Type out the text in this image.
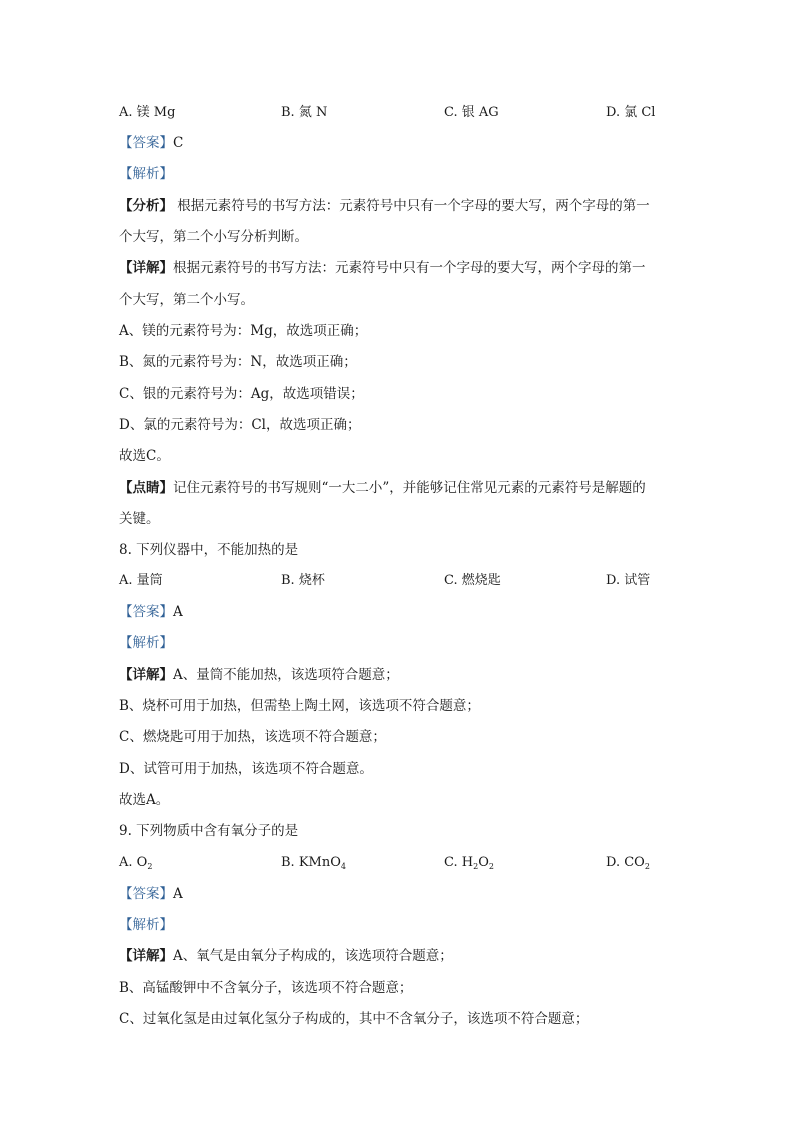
A. 镁 Mg	B. 氮 N	C. 银 AG	D. 氯 Cl
【答案】C
【解析】
【分析】 根据元素符号的书写方法：元素符号中只有一个字母的要大写，两个字母的第一
个大写，第二个小写分析判断。
【详解】根据元素符号的书写方法：元素符号中只有一个字母的要大写，两个字母的第一
个大写，第二个小写。
A、镁的元素符号为：Mg，故选项正确；
B、氮的元素符号为：N，故选项正确；
C、银的元素符号为：Ag，故选项错误；
D、氯的元素符号为：Cl，故选项正确；
故选C。
【点睛】记住元素符号的书写规则“一大二小”，并能够记住常见元素的元素符号是解题的
关键。
8. 下列仪器中，不能加热的是
A. 量筒	B. 烧杯	C. 燃烧匙	D. 试管
【答案】A
【解析】
【详解】A、量筒不能加热，该选项符合题意；
B、烧杯可用于加热，但需垫上陶土网，该选项不符合题意；
C、燃烧匙可用于加热，该选项不符合题意；
D、试管可用于加热，该选项不符合题意。
故选A。
9. 下列物质中含有氧分子的是
A. $O_2$	B. KMnO$_4$	C. $H_2O_2$	D. $CO_2$
【答案】A
【解析】
【详解】A、氧气是由氧分子构成的，该选项符合题意；
B、高锰酸钾中不含氧分子，该选项不符合题意；
C、过氧化氢是由过氧化氢分子构成的，其中不含氧分子，该选项不符合题意；
